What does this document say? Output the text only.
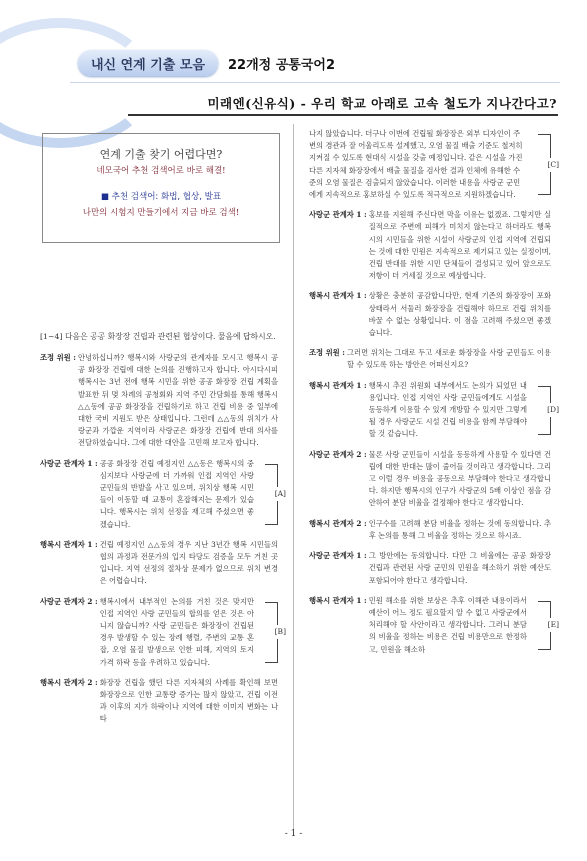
내신 연계 기출 모음	22개정 공통국어2
미래엔(신유식) - 우리 학교 아래로 고속 철도가 지나간다고?
연계 기출 찾기 어렵다면?
네모국어 추천 검색어로 바로 해결!
■ 추천 검색어: 화법, 협상, 발표
나만의 시험지 만들기에서 지금 바로 검색!
[1~4] 다음은 공공 화장장 건립과 관련된 협상이다. 물음에 답하시오.
조정 위원 : 안녕하십니까? 행복시와 사랑군의 관계자를 모시고 행복시 공공 화장장 건립에 대한 논의를 진행하고자 합니다. 아시다시피 행복시는 3년 전에 행복 시민을 위한 공공 화장장 건립 계획을 발표한 뒤 몇 차례의 공청회와 지역 주민 간담회를 통해 행복시 △△동에 공공 화장장을 건립하기로 하고 건립 비용 중 일부에 대한 국비 지원도 받은 상태입니다. 그런데 △△동의 위치가 사랑군과 가깝운 지역이라 사랑군은 화장장 건립에 반대 의사를 전달하였습니다. 그에 대한 대안을 고민해 보고자 합니다.
사랑군 관계자 1 : 공공 화장장 건립 예정지인 △△동은 행복시의 중심지보다 사랑군에 더 가까워 인접 지역인 사랑 군민들의 반발을 사고 있으며, 위치상 행복 시민들이 이동할 때 교통이 혼잡해지는 문제가 있습니다. 행복시는 위치 선정을 재고해 주셨으면 좋겠습니다.
[A]
행복시 관계자 1 : 건립 예정지인 △△동의 경우 지난 3년간 행복 시민들의 협의 과정과 전문가의 입지 타당도 검증을 모두 거친 곳입니다. 지역 선정의 절차상 문제가 없으므로 위치 변경은 어렵습니다.
사랑군 관계자 2 : 행복시에서 내부적인 논의를 거친 것은 맞지만 인접 지역인 사랑 군민들의 합의를 얻은 것은 아니지 않습니까? 사랑 군민들은 화장장이 건립된 경우 발생할 수 있는 장례 행렬, 주변의 교통 혼잡, 오염 물질 발생으로 인한 피해, 지역의 토지 가격 하락 등을 우려하고 있습니다.
[B]
행복시 관계자 2 : 화장장 건립을 했던 다른 지자체의 사례를 확인해 보면 화장장으로 인한 교통량 증가는 많지 않았고, 건립 이전과 이후의 지가 하락이나 지역에 대한 이미지 변화는 나타
나지 않았습니다. 더구나 이번에 건립될 화장장은 외부 디자인이 주변의 경관과 잘 어울리도록 설계했고, 오염 물질 배출 기준도 철저히 지켜질 수 있도록 현대식 시설을 갖출 예정입니다. 같은 시설을 가진 다른 지자체 화장장에서 배출 물질을 검사한 결과 인체에 유해한 수준의 오염 물질은 검출되지 않았습니다. 이러한 내용을 사랑군 군민에게 지속적으로 홍보하실 수 있도록 적극적으로 지원하겠습니다.
[C]
사랑군 관계자 1 : 홍보를 지원해 주신다면 막을 이유는 없겠죠. 그렇지만 실질적으로 주변에 피해가 미치지 않는다고 하더라도 행복시의 시민들을 위한 시설이 사랑군의 인접 지역에 건립되는 것에 대한 민원은 지속적으로 제기되고 있는 실정이며, 건립 반대를 위한 시민 단체들이 결성되고 있어 앞으로도 저항이 더 거세질 것으로 예상합니다.
행복시 관계자 1 : 상황은 충분히 공감합니다만, 현재 기존의 화장장이 포화 상태라서 서둘러 화장장을 건립해야 하므로 건립 위치를 바꿀 수 없는 상황입니다. 이 점을 고려해 주셨으면 좋겠습니다.
조정 위원 : 그러면 위치는 그대로 두고 새로운 화장장을 사랑 군민들도 이용할 수 있도록 하는 방안은 어떠신지요?
행복시 관계자 1 : 행복시 추진 위원회 내부에서도 논의가 되었던 내용입니다. 인접 지역인 사랑 군민들에게도 시설을 동등하게 이용할 수 있게 개방할 수 있지만 그렇게 될 경우 사랑군도 시설 건립 비용을 함께 부담해야 할 것 같습니다.
[D]
사랑군 관계자 2 : 물론 사랑 군민들이 시설을 동등하게 사용할 수 있다면 건립에 대한 반대는 많이 줄어들 것이라고 생각합니다. 그리고 이럴 경우 비용을 공동으로 부담해야 한다고 생각합니다. 하지만 행복시의 인구가 사랑군의 5배 이상인 점을 감안하여 분담 비율을 결정해야 한다고 생각합니다.
행복시 관계자 2 : 인구수를 고려해 분담 비율을 정하는 것에 동의합니다. 추후 논의를 통해 그 비율을 정하는 것으로 하시죠.
사랑군 관계자 1 : 그 방안에는 동의합니다. 다만 그 비율에는 공공 화장장 건립과 관련된 사랑 군민의 민원을 해소하기 위한 예산도 포함되어야 한다고 생각합니다.
행복시 관계자 1 : 민원 해소를 위한 보상은 추후 이해관 내용이라서 예산이 어느 정도 필요할지 알 수 없고 사랑군에서 처리해야 할 사안이라고 생각합니다. 그러니 분담의 비율을 정하는 비용은 건립 비용만으로 한정하고, 민원을 해소하
[E]
- 1 -
